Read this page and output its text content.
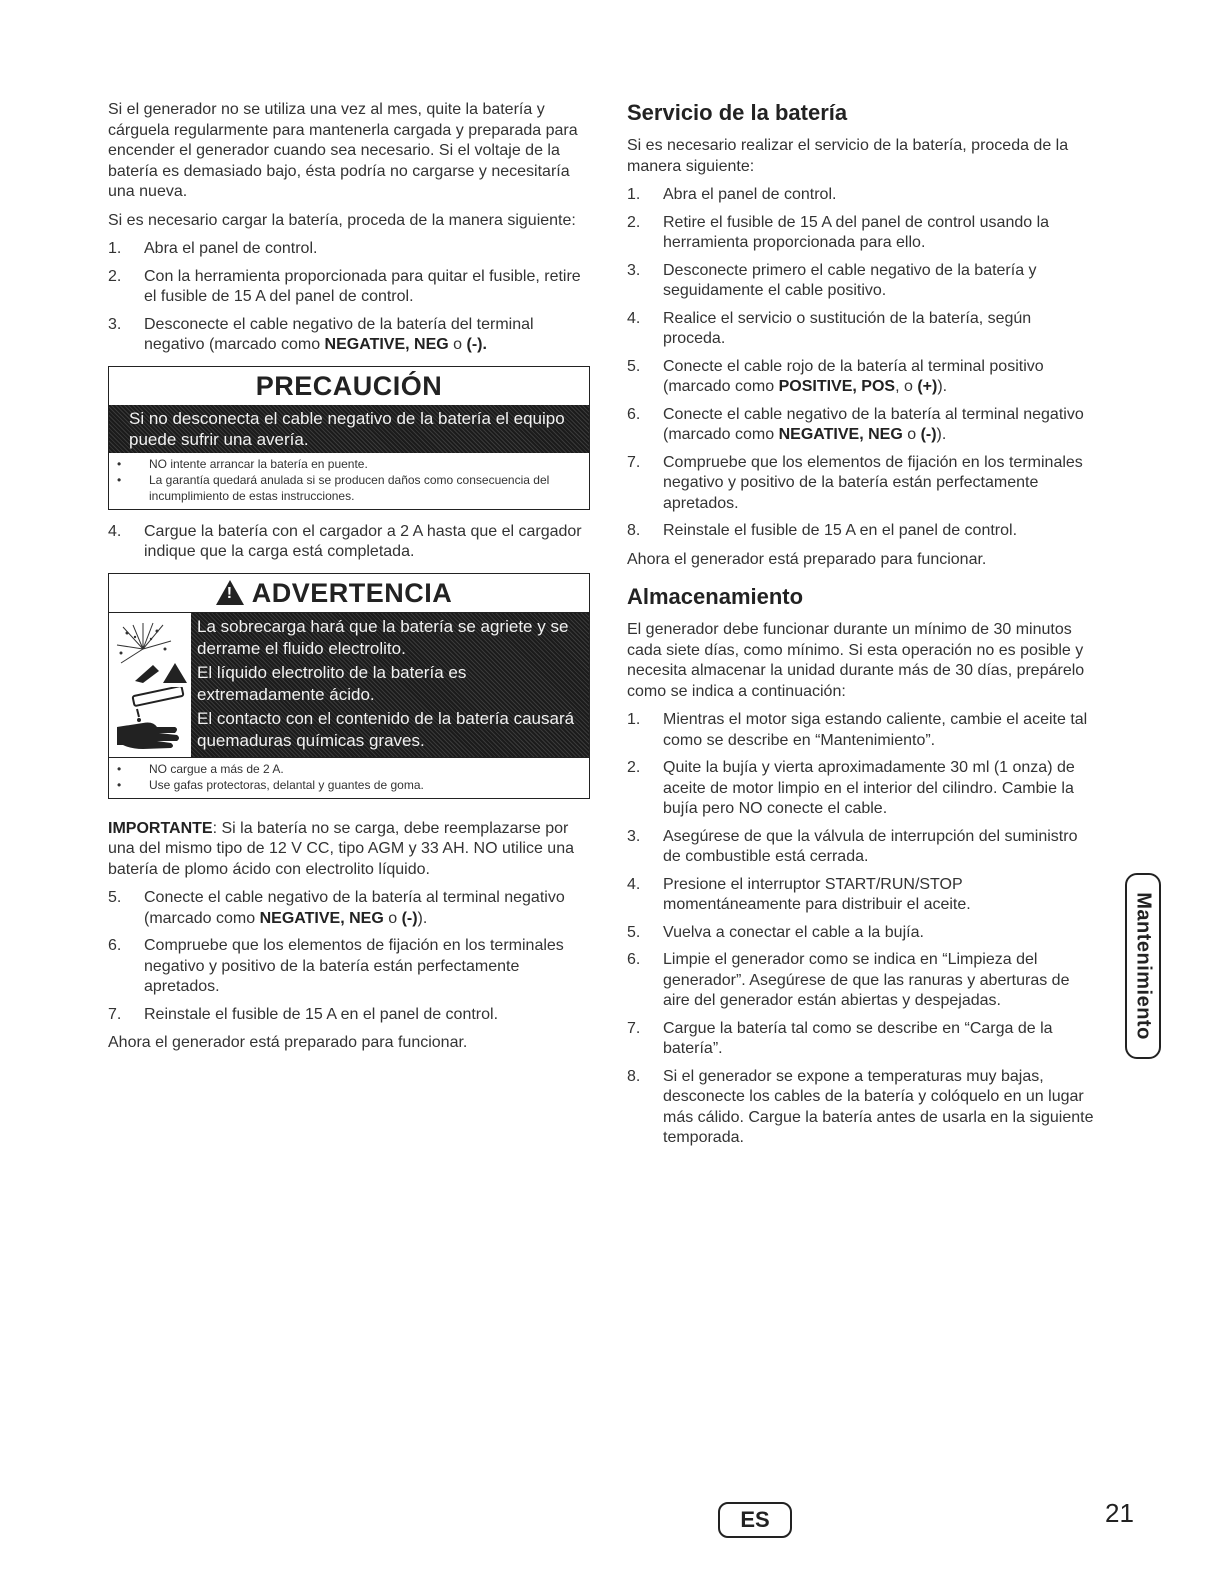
Si el generador no se utiliza una vez al mes, quite la batería y cárguela regularmente para mantenerla cargada y preparada para encender el generador cuando sea necesario. Si el voltaje de la batería es demasiado bajo, ésta podría no cargarse y necesitaría una nueva.

Si es necesario cargar la batería, proceda de la manera siguiente:

1. Abra el panel de control.
2. Con la herramienta proporcionada para quitar el fusible, retire el fusible de 15 A del panel de control.
3. Desconecte el cable negativo de la batería del terminal negativo (marcado como NEGATIVE, NEG o (-).
PRECAUCIÓN
Si no desconecta el cable negativo de la batería el equipo puede sufrir una avería.
• NO intente arrancar la batería en puente.
• La garantía quedará anulada si se producen daños como consecuencia del incumplimiento de estas instrucciones.
4. Cargue la batería con el cargador a 2 A hasta que el cargador indique que la carga está completada.
! ADVERTENCIA
La sobrecarga hará que la batería se agriete y se derrame el fluido electrolito.
El líquido electrolito de la batería es extremadamente ácido.
El contacto con el contenido de la batería causará quemaduras químicas graves.
• NO cargue a más de 2 A.
• Use gafas protectoras, delantal y guantes de goma.

IMPORTANTE: Si la batería no se carga, debe reemplazarse por una del mismo tipo de 12 V CC, tipo AGM y 33 AH. NO utilice una batería de plomo ácido con electrolito líquido.

5. Conecte el cable negativo de la batería al terminal negativo (marcado como NEGATIVE, NEG o (-)).
6. Compruebe que los elementos de fijación en los terminales negativo y positivo de la batería están perfectamente apretados.
7. Reinstale el fusible de 15 A en el panel de control.

Ahora el generador está preparado para funcionar.

Servicio de la batería

Si es necesario realizar el servicio de la batería, proceda de la manera siguiente:

1. Abra el panel de control.
2. Retire el fusible de 15 A del panel de control usando la herramienta proporcionada para ello.
3. Desconecte primero el cable negativo de la batería y seguidamente el cable positivo.
4. Realice el servicio o sustitución de la batería, según proceda.
5. Conecte el cable rojo de la batería al terminal positivo (marcado como POSITIVE, POS, o (+)).
6. Conecte el cable negativo de la batería al terminal negativo (marcado como NEGATIVE, NEG o (-)).
7. Compruebe que los elementos de fijación en los terminales negativo y positivo de la batería están perfectamente apretados.
8. Reinstale el fusible de 15 A en el panel de control.

Ahora el generador está preparado para funcionar.

Almacenamiento

El generador debe funcionar durante un mínimo de 30 minutos cada siete días, como mínimo. Si esta operación no es posible y necesita almacenar la unidad durante más de 30 días, prepárelo como se indica a continuación:

1. Mientras el motor siga estando caliente, cambie el aceite tal como se describe en “Mantenimiento”.
2. Quite la bujía y vierta aproximadamente 30 ml (1 onza) de aceite de motor limpio en el interior del cilindro. Cambie la bujía pero NO conecte el cable.
3. Asegúrese de que la válvula de interrupción del suministro de combustible está cerrada.
4. Presione el interruptor START/RUN/STOP momentáneamente para distribuir el aceite.
5. Vuelva a conectar el cable a la bujía.
6. Limpie el generador como se indica en “Limpieza del generador”. Asegúrese de que las ranuras y aberturas de aire del generador están abiertas y despejadas.
7. Cargue la batería tal como se describe en “Carga de la batería”.
8. Si el generador se expone a temperaturas muy bajas, desconecte los cables de la batería y colóquelo en un lugar más cálido. Cargue la batería antes de usarla en la siguiente temporada.
Mantenimiento
ES	21
